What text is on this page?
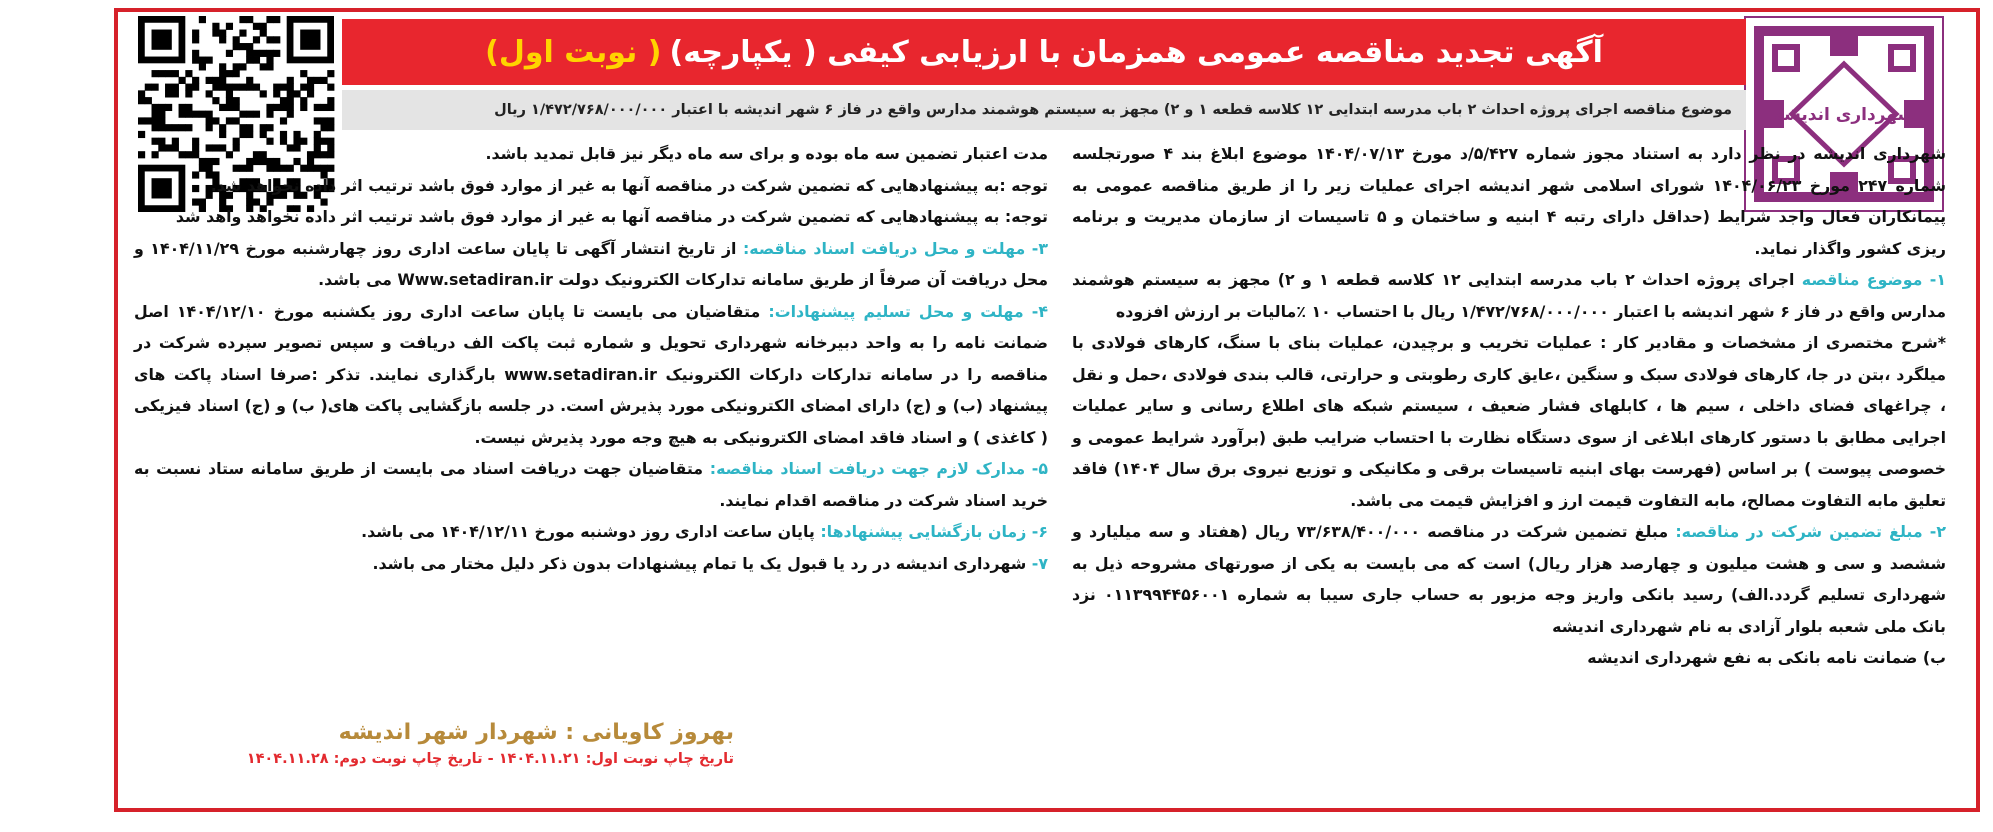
شهرداری اندیشه
آگهی تجدید مناقصه عمومی همزمان با ارزیابی کیفی ( یکپارچه)
( نوبت اول)
موضوع مناقصه اجرای پروژه احداث ۲ باب مدرسه ابتدایی ۱۲ کلاسه قطعه ۱ و ۲) مجهز به سیستم هوشمند مدارس واقع در فاز ۶ شهر اندیشه با اعتبار ۱/۴۷۲/۷۶۸/۰۰۰/۰۰۰ ریال

شهرداری اندیشه در نظر دارد به استناد مجوز شماره ۵/۴۲۷/د مورخ ۱۴۰۴/۰۷/۱۳ موضوع ابلاغ بند ۴ صورتجلسه شماره ۲۴۷ مورخ ۱۴۰۴/۰۶/۲۳ شورای اسلامی شهر اندیشه اجرای عملیات زیر را از طریق مناقصه عمومی به پیمانکاران فعال واجد شرایط (حداقل دارای رتبه ۴ ابنیه و ساختمان و ۵ تاسیسات از سازمان مدیریت و برنامه ریزی کشور واگذار نماید.

۱- موضوع مناقصه اجرای پروژه احداث ۲ باب مدرسه ابتدایی ۱۲ کلاسه قطعه ۱ و ۲) مجهز به سیستم هوشمند مدارس واقع در فاز ۶ شهر اندیشه با اعتبار ۱/۴۷۲/۷۶۸/۰۰۰/۰۰۰ ریال با احتساب ۱۰ ٪مالیات بر ارزش افزوده

*شرح مختصری از مشخصات و مقادیر کار : عملیات تخریب و برچیدن، عملیات بنای با سنگ، کارهای فولادی با میلگرد ،بتن در جا، کارهای فولادی سبک و سنگین ،عایق کاری رطوبتی و حرارتی، قالب بندی فولادی ،حمل و نقل ، چراغهای فضای داخلی ، سیم ها ، کابلهای فشار ضعیف ، سیستم شبکه های اطلاع رسانی و سایر عملیات اجرایی مطابق با دستور کارهای ابلاغی از سوی دستگاه نظارت با احتساب ضرایب طبق (برآورد شرایط عمومی و خصوصی پیوست ) بر اساس (فهرست بهای ابنیه تاسیسات برقی و مکانیکی و توزیع نیروی برق سال ۱۴۰۴) فاقد تعلیق مابه التفاوت مصالح، مابه التفاوت قیمت ارز و افزایش قیمت می باشد.

۲- مبلغ تضمین شرکت در مناقصه: مبلغ تضمین شرکت در مناقصه ۷۳/۶۳۸/۴۰۰/۰۰۰ ریال (هفتاد و سه میلیارد و ششصد و سی و هشت میلیون و چهارصد هزار ریال) است که می بایست به یکی از صورتهای مشروحه ذیل به شهرداری تسلیم گردد.الف) رسید بانکی واریز وجه مزبور به حساب جاری سیبا به شماره ۰۱۱۳۹۹۴۴۵۶۰۰۱ نزد بانک ملی شعبه بلوار آزادی به نام شهرداری اندیشه

ب) ضمانت نامه بانکی به نفع شهرداری اندیشه

مدت اعتبار تضمین سه ماه بوده و برای سه ماه دیگر نیز قابل تمدید باشد.

توجه :به پیشنهادهایی که تضمین شرکت در مناقصه آنها به غیر از موارد فوق باشد ترتیب اثر داده نخواهد شد.

توجه: به پیشنهادهایی که تضمین شرکت در مناقصه آنها به غیر از موارد فوق باشد ترتیب اثر داده نخواهد واهد شد

۳- مهلت و محل دریافت اسناد مناقصه: از تاریخ انتشار آگهی تا پایان ساعت اداری روز چهارشنبه مورخ ۱۴۰۴/۱۱/۲۹ و محل دریافت آن صرفاً از طریق سامانه تدارکات الکترونیک دولت Www.setadiran.ir می باشد.

۴- مهلت و محل تسلیم پیشنهادات: متقاضیان می بایست تا پایان ساعت اداری روز یکشنبه مورخ ۱۴۰۴/۱۲/۱۰ اصل ضمانت نامه را به واحد دبیرخانه شهرداری تحویل و شماره ثبت پاکت الف دریافت و سپس تصویر سپرده شرکت در مناقصه را در سامانه تدارکات دارکات الکترونیک www.setadiran.ir بارگذاری نمایند. تذکر :صرفا اسناد پاکت های پیشنهاد (ب) و (ج) دارای امضای الکترونیکی مورد پذیرش است. در جلسه بازگشایی پاکت های( ب) و (ج) اسناد فیزیکی ( کاغذی ) و اسناد فاقد امضای الکترونیکی به هیچ وجه مورد پذیرش نیست.

۵- مدارک لازم جهت دریافت اسناد مناقصه: متقاضیان جهت دریافت اسناد می بایست از طریق سامانه ستاد نسبت به خرید اسناد شرکت در مناقصه اقدام نمایند.

۶- زمان بازگشایی پیشنهادها: پایان ساعت اداری روز دوشنبه مورخ ۱۴۰۴/۱۲/۱۱ می باشد.

۷- شهرداری اندیشه در رد یا قبول یک یا تمام پیشنهادات بدون ذکر دلیل مختار می باشد.

بهروز کاویانی : شهردار شهر اندیشه
تاریخ چاپ نوبت اول: ۱۴۰۴.۱۱.۲۱ - تاریخ چاپ نوبت دوم: ۱۴۰۴.۱۱.۲۸
